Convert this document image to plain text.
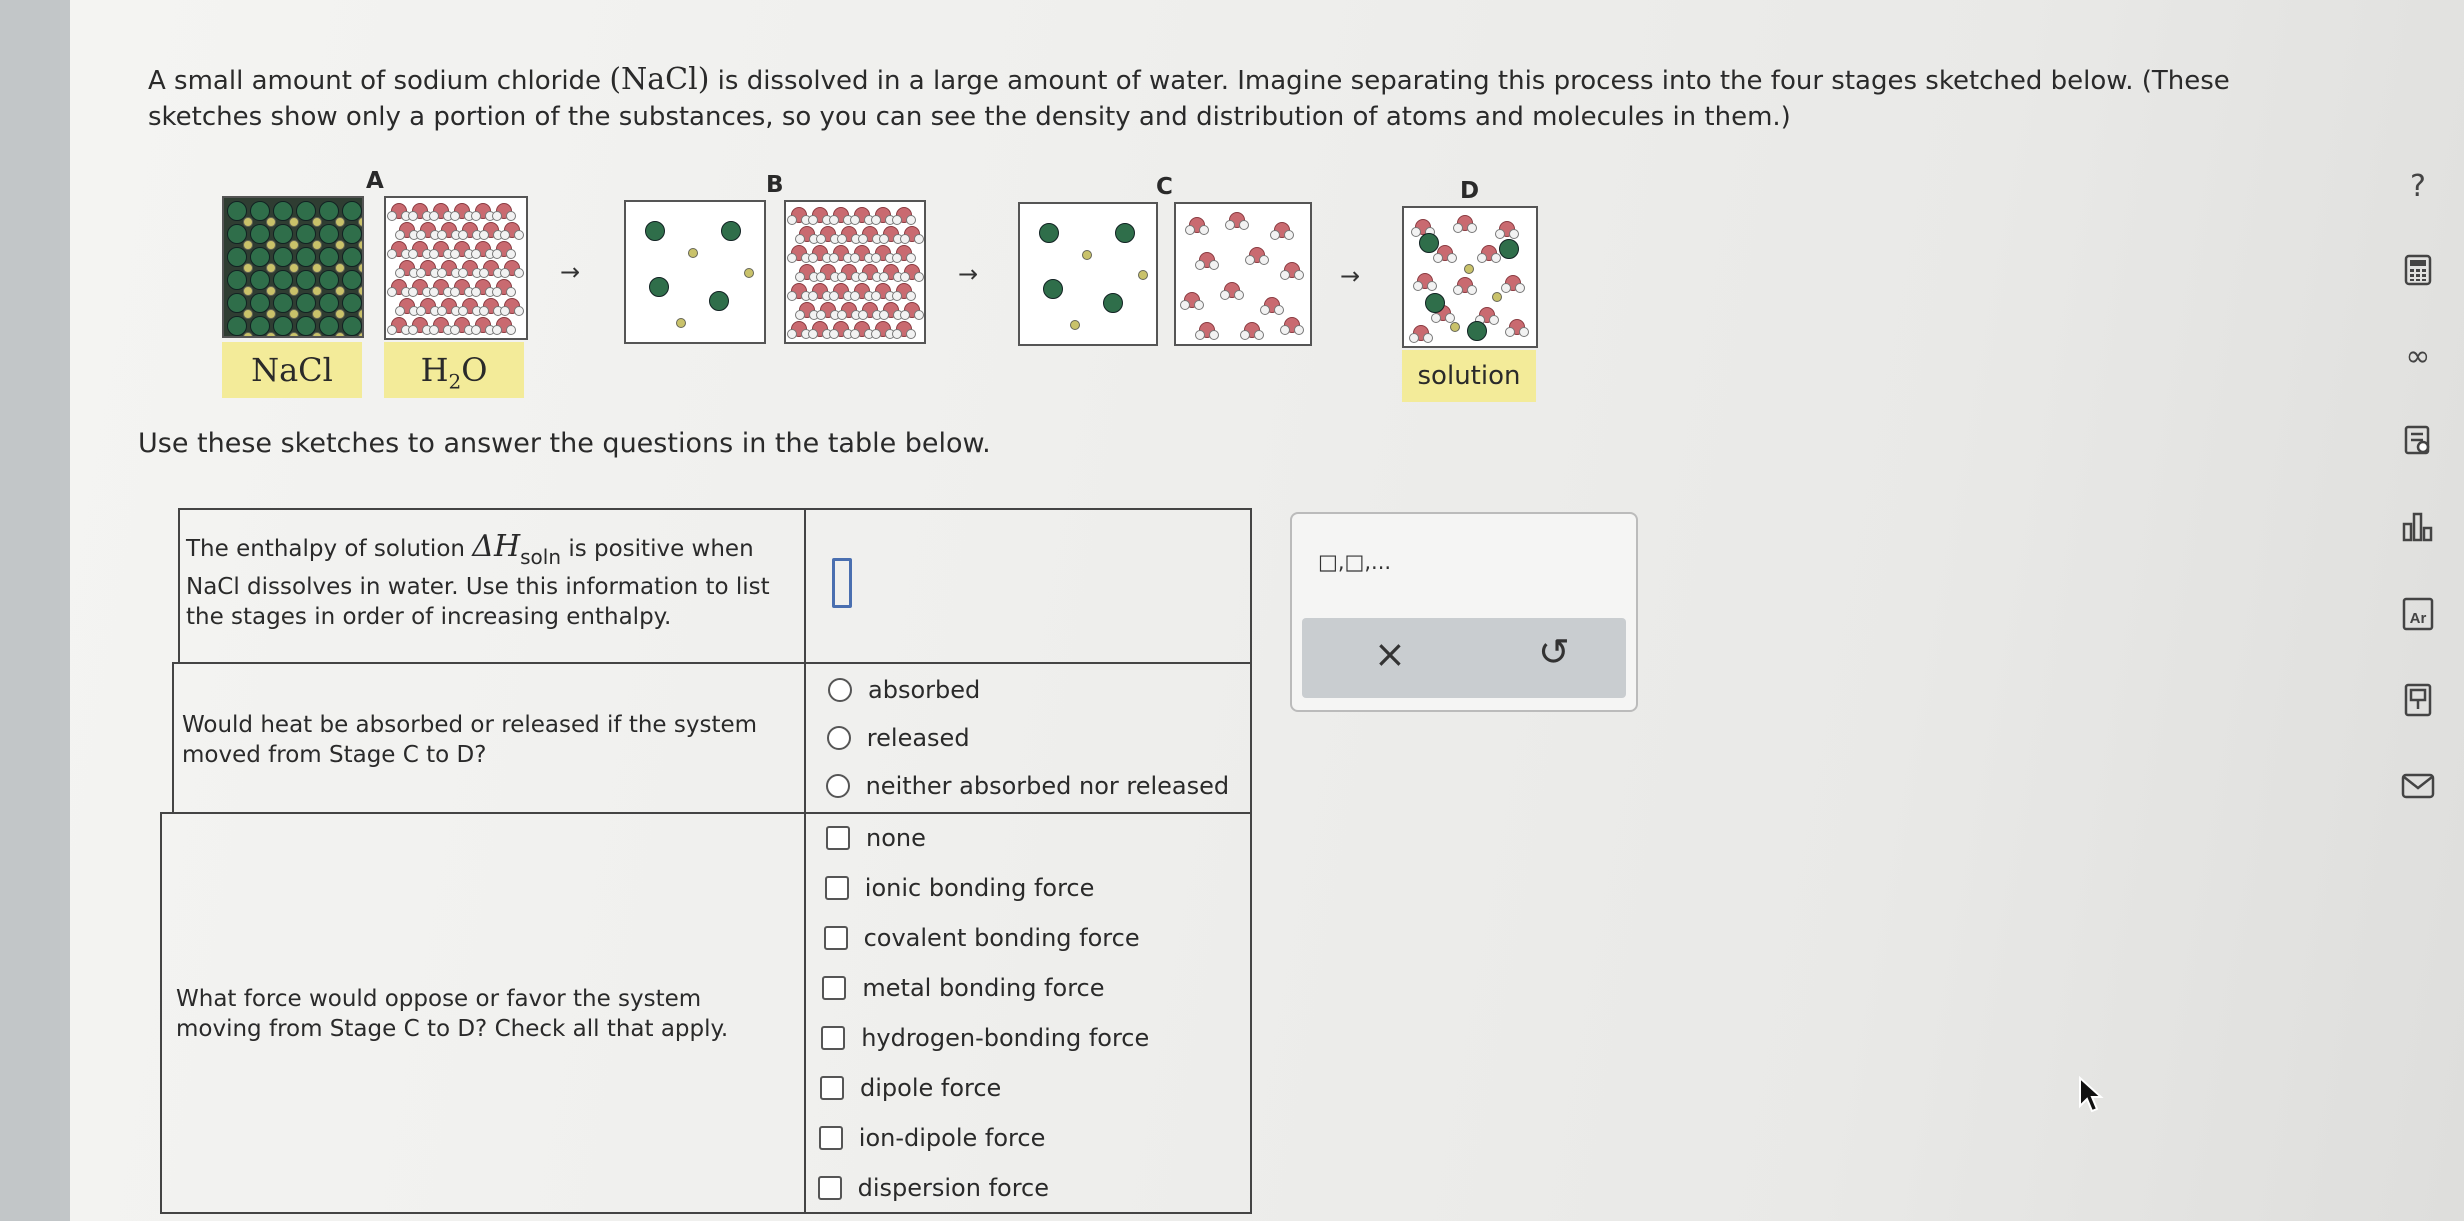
A small amount of sodium chloride (NaCl) is dissolved in a large amount of water. Imagine separating this process into the four stages sketched below. (These sketches show only a portion of the substances, so you can see the density and distribution of atoms and molecules in them.)
A	B	C	D
NaCl	$H_2O$
→	→	→
solution
Use these sketches to answer the questions in the table below.
The enthalpy of solution ΔHsoln is positive when NaCl dissolves in water. Use this information to list the stages in order of increasing enthalpy.
Would heat be absorbed or released if the system moved from Stage C to D?
absorbed
released
neither absorbed nor released
What force would oppose or favor the system moving from Stage C to D? Check all that apply.
none
ionic bonding force
covalent bonding force
metal bonding force
hydrogen-bonding force
dipole force
ion-dipole force
dispersion force
□,□,...
×	↺
?
∞
Ar
